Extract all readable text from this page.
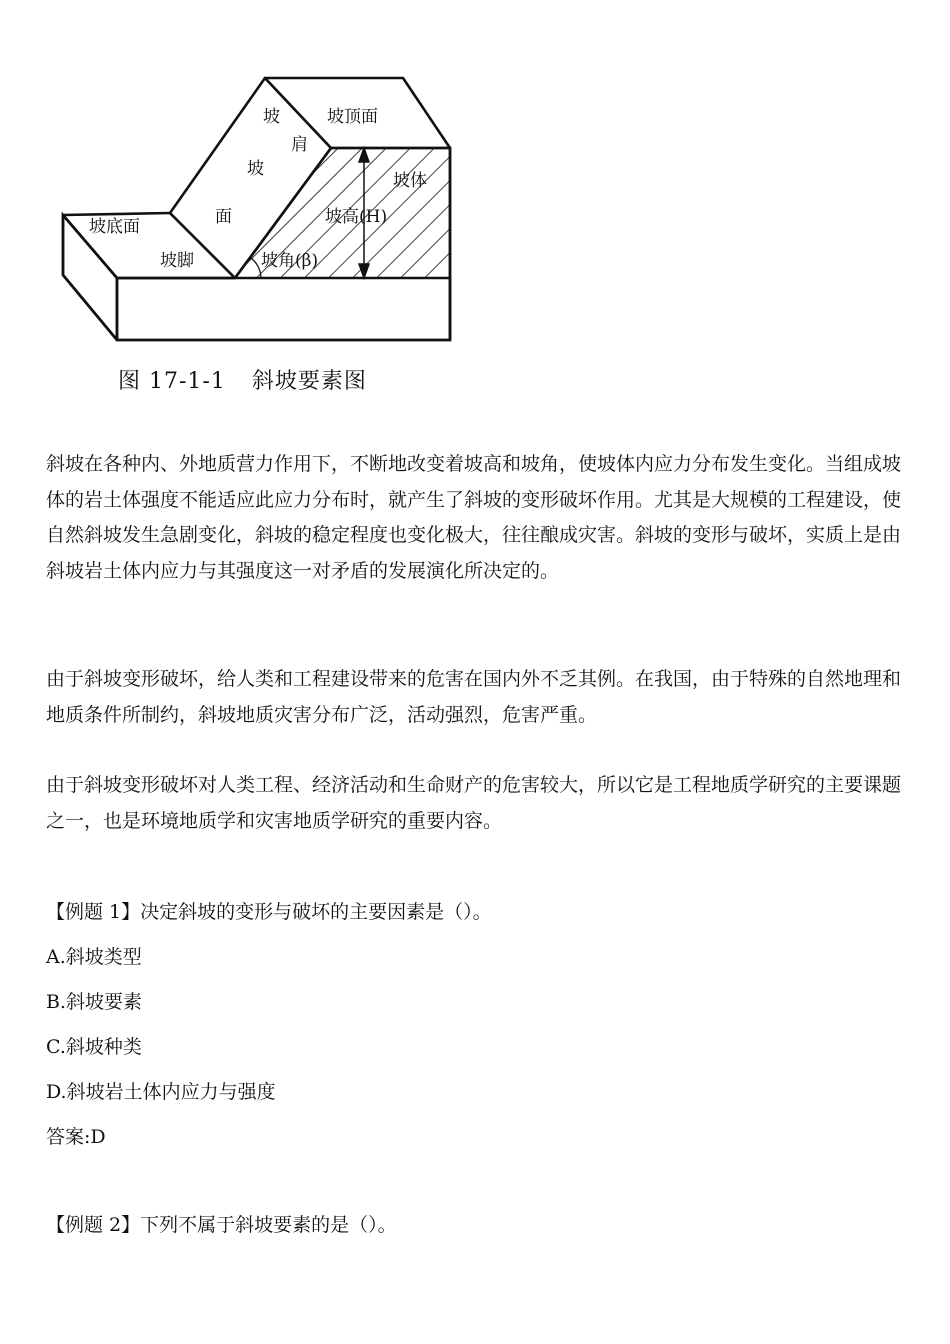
坡顶面
坡
肩
坡
面
坡体
坡高(H)
坡底面
坡脚	坡角(β)
图 17-1-1 斜坡要素图

斜坡在各种内、外地质营力作用下，不断地改变着坡高和坡角，使坡体内应力分布发生变化。当组成坡体的岩土体强度不能适应此应力分布时，就产生了斜坡的变形破坏作用。尤其是大规模的工程建设，使自然斜坡发生急剧变化，斜坡的稳定程度也变化极大，往往酿成灾害。斜坡的变形与破坏，实质上是由斜坡岩土体内应力与其强度这一对矛盾的发展演化所决定的。

由于斜坡变形破坏，给人类和工程建设带来的危害在国内外不乏其例。在我国，由于特殊的自然地理和地质条件所制约，斜坡地质灾害分布广泛，活动强烈，危害严重。

由于斜坡变形破坏对人类工程、经济活动和生命财产的危害较大，所以它是工程地质学研究的主要课题之一，也是环境地质学和灾害地质学研究的重要内容。

【例题 1】决定斜坡的变形与破坏的主要因素是（）。
A.斜坡类型
B.斜坡要素
C.斜坡种类
D.斜坡岩土体内应力与强度
答案:D
【例题 2】下列不属于斜坡要素的是（）。
